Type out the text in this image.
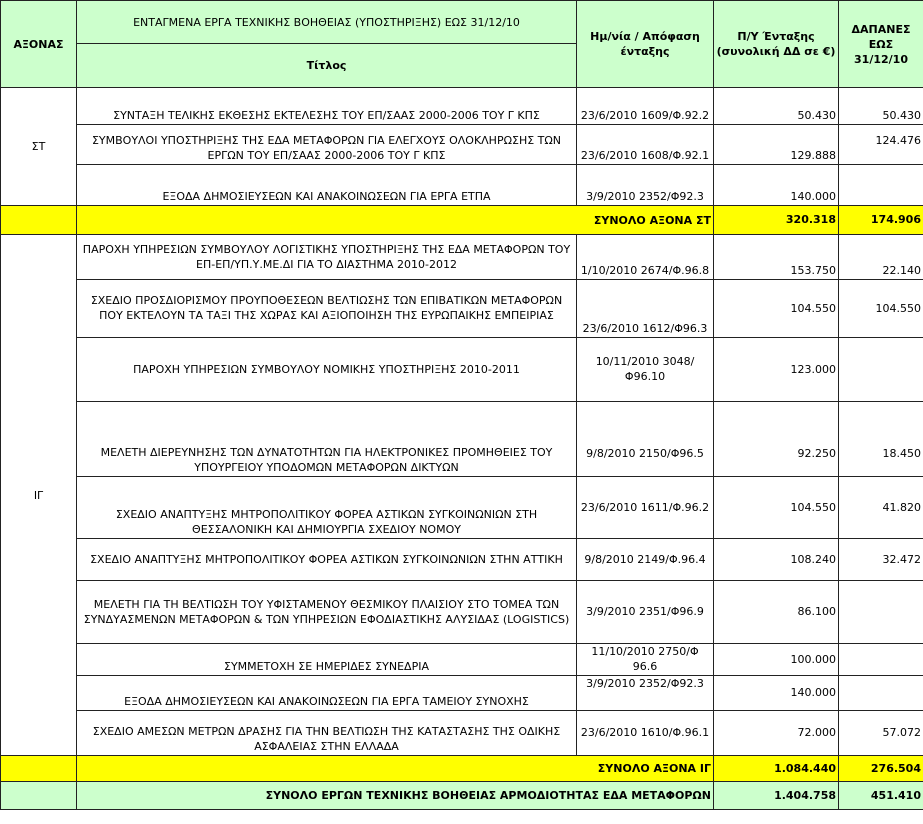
ΑΞΟΝΑΣ	ΕΝΤΑΓΜΕΝΑ ΕΡΓΑ ΤΕΧΝΙΚΗΣ ΒΟΗΘΕΙΑΣ (ΥΠΟΣΤΗΡΙΞΗΣ) ΕΩΣ 31/12/10	Ημ/νία / Απόφαση ένταξης	Π/Υ Ένταξης (συνολική ΔΔ σε €)	ΔΑΠΑΝΕΣ ΕΩΣ 31/12/10
	Τίτλος			
ΣΤ	ΣΥΝΤΑΞΗ ΤΕΛΙΚΗΣ ΕΚΘΕΣΗΣ ΕΚΤΕΛΕΣΗΣ ΤΟΥ ΕΠ/ΣΑΑΣ 2000-2006 ΤΟΥ Γ ΚΠΣ	23/6/2010 1609/Φ.92.2	50.430	50.430
	ΣΥΜΒΟΥΛΟΙ ΥΠΟΣΤΗΡΙΞΗΣ ΤΗΣ ΕΔΑ ΜΕΤΑΦΟΡΩΝ ΓΙΑ ΕΛΕΓΧΟΥΣ ΟΛΟΚΛΗΡΩΣΗΣ ΤΩΝ ΕΡΓΩΝ ΤΟΥ ΕΠ/ΣΑΑΣ 2000-2006 ΤΟΥ Γ ΚΠΣ	23/6/2010 1608/Φ.92.1	129.888	124.476
	ΕΞΟΔΑ ΔΗΜΟΣΙΕΥΣΕΩΝ ΚΑΙ ΑΝΑΚΟΙΝΩΣΕΩΝ ΓΙΑ ΕΡΓΑ ΕΤΠΑ	3/9/2010 2352/Φ92.3	140.000	
	ΣΥΝΟΛΟ ΑΞΟΝΑ ΣΤ		320.318	174.906
ΙΓ	ΠΑΡΟΧΗ ΥΠΗΡΕΣΙΩΝ ΣΥΜΒΟΥΛΟΥ ΛΟΓΙΣΤΙΚΗΣ ΥΠΟΣΤΗΡΙΞΗΣ ΤΗΣ ΕΔΑ ΜΕΤΑΦΟΡΩΝ ΤΟΥ ΕΠ-ΕΠ/ΥΠ.Υ.ΜΕ.ΔΙ ΓΙΑ ΤΟ ΔΙΑΣΤΗΜΑ 2010-2012	1/10/2010 2674/Φ.96.8	153.750	22.140
	ΣΧΕΔΙΟ ΠΡΟΣΔΙΟΡΙΣΜΟΥ ΠΡΟΥΠΟΘΕΣΕΩΝ ΒΕΛΤΙΩΣΗΣ ΤΩΝ ΕΠΙΒΑΤΙΚΩΝ ΜΕΤΑΦΟΡΩΝ ΠΟΥ ΕΚΤΕΛΟΥΝ ΤΑ ΤΑΞΙ ΤΗΣ ΧΩΡΑΣ ΚΑΙ ΑΞΙΟΠΟΙΗΣΗ ΤΗΣ ΕΥΡΩΠΑΙΚΗΣ ΕΜΠΕΙΡΙΑΣ	23/6/2010 1612/Φ96.3	104.550	104.550
	ΠΑΡΟΧΗ ΥΠΗΡΕΣΙΩΝ ΣΥΜΒΟΥΛΟΥ ΝΟΜΙΚΗΣ ΥΠΟΣΤΗΡΙΞΗΣ 2010-2011	10/11/2010 3048/Φ96.10	123.000	
	ΜΕΛΕΤΗ ΔΙΕΡΕΥΝΗΣΗΣ ΤΩΝ ΔΥΝΑΤΟΤΗΤΩΝ ΓΙΑ ΗΛΕΚΤΡΟΝΙΚΕΣ ΠΡΟΜΗΘΕΙΕΣ ΤΟΥ ΥΠΟΥΡΓΕΙΟΥ ΥΠΟΔΟΜΩΝ ΜΕΤΑΦΟΡΩΝ ΔΙΚΤΥΩΝ	9/8/2010 2150/Φ96.5	92.250	18.450
	ΣΧΕΔΙΟ ΑΝΑΠΤΥΞΗΣ ΜΗΤΡΟΠΟΛΙΤΙΚΟΥ ΦΟΡΕΑ ΑΣΤΙΚΩΝ ΣΥΓΚΟΙΝΩΝΙΩΝ ΣΤΗ ΘΕΣΣΑΛΟΝΙΚΗ ΚΑΙ ΔΗΜΙΟΥΡΓΙΑ ΣΧΕΔΙΟΥ ΝΟΜΟΥ	23/6/2010 1611/Φ.96.2	104.550	41.820
	ΣΧΕΔΙΟ ΑΝΑΠΤΥΞΗΣ ΜΗΤΡΟΠΟΛΙΤΙΚΟΥ ΦΟΡΕΑ ΑΣΤΙΚΩΝ ΣΥΓΚΟΙΝΩΝΙΩΝ ΣΤΗΝ ΑΤΤΙΚΗ	9/8/2010 2149/Φ.96.4	108.240	32.472
	ΜΕΛΕΤΗ ΓΙΑ ΤΗ ΒΕΛΤΙΩΣΗ ΤΟΥ ΥΦΙΣΤΑΜΕΝΟΥ ΘΕΣΜΙΚΟΥ ΠΛΑΙΣΙΟΥ ΣΤΟ ΤΟΜΕΑ ΤΩΝ ΣΥΝΔΥΑΣΜΕΝΩΝ ΜΕΤΑΦΟΡΩΝ & ΤΩΝ ΥΠΗΡΕΣΙΩΝ ΕΦΟΔΙΑΣΤΙΚΗΣ ΑΛΥΣΙΔΑΣ (LOGISTICS)	3/9/2010 2351/Φ96.9	86.100	
	ΣΥΜΜΕΤΟΧΗ ΣΕ ΗΜΕΡΙΔΕΣ ΣΥΝΕΔΡΙΑ	11/10/2010 2750/Φ 96.6	100.000	
	ΕΞΟΔΑ ΔΗΜΟΣΙΕΥΣΕΩΝ ΚΑΙ ΑΝΑΚΟΙΝΩΣΕΩΝ ΓΙΑ ΕΡΓΑ ΤΑΜΕΙΟΥ ΣΥΝΟΧΗΣ	3/9/2010 2352/Φ92.3	140.000	
	ΣΧΕΔΙΟ ΑΜΕΣΩΝ ΜΕΤΡΩΝ ΔΡΑΣΗΣ ΓΙΑ ΤΗΝ ΒΕΛΤΙΩΣΗ ΤΗΣ ΚΑΤΑΣΤΑΣΗΣ ΤΗΣ ΟΔΙΚΗΣ ΑΣΦΑΛΕΙΑΣ ΣΤΗΝ ΕΛΛΑΔΑ	23/6/2010 1610/Φ.96.1	72.000	57.072
	ΣΥΝΟΛΟ ΑΞΟΝΑ ΙΓ		1.084.440	276.504
	ΣΥΝΟΛΟ ΕΡΓΩΝ ΤΕΧΝΙΚΗΣ ΒΟΗΘΕΙΑΣ ΑΡΜΟΔΙΟΤΗΤΑΣ ΕΔΑ ΜΕΤΑΦΟΡΩΝ		1.404.758	451.410
